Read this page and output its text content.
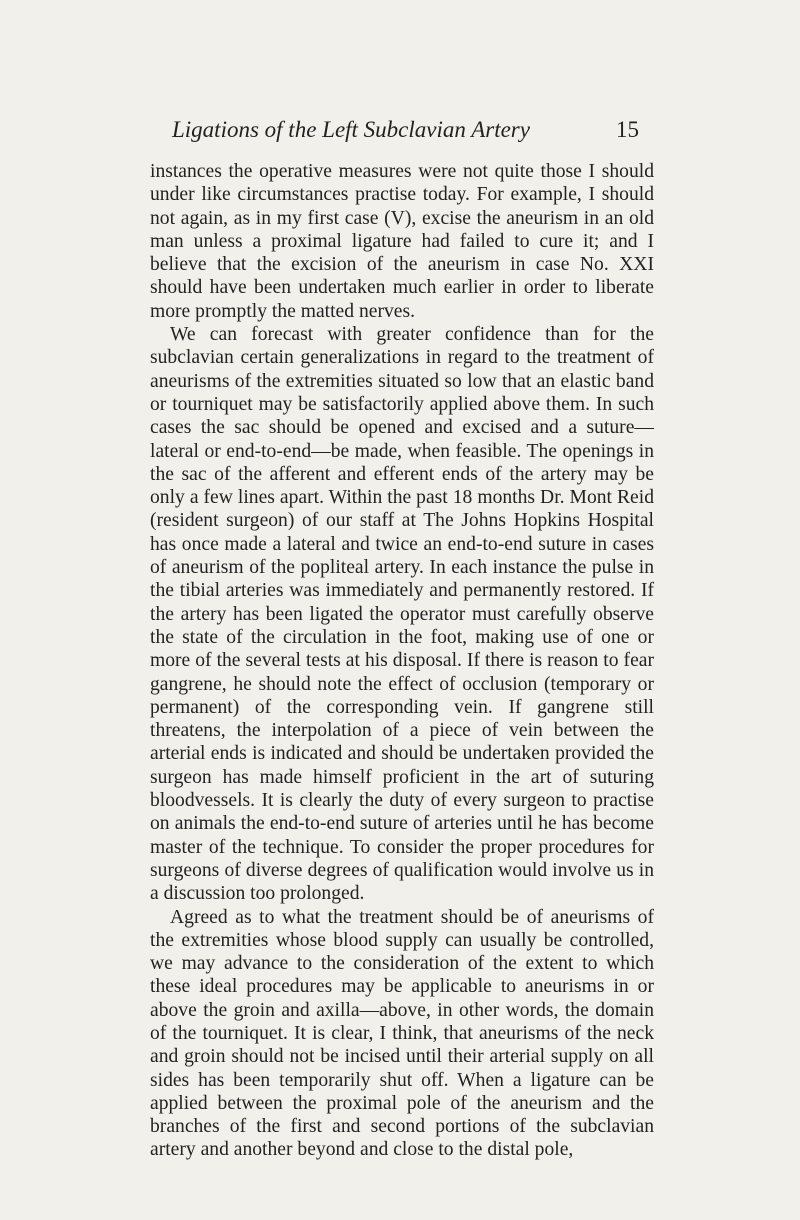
Ligations of the Left Subclavian Artery	15

instances the operative measures were not quite those I should under like circumstances practise today. For example, I should not again, as in my first case (V), excise the aneurism in an old man unless a proximal ligature had failed to cure it; and I believe that the excision of the aneurism in case No. XXI should have been undertaken much earlier in order to liberate more promptly the matted nerves.

We can forecast with greater confidence than for the subclavian certain generalizations in regard to the treatment of aneurisms of the extremities situated so low that an elastic band or tourniquet may be satisfactorily applied above them. In such cases the sac should be opened and excised and a suture—lateral or end-to-end—be made, when feasible. The openings in the sac of the afferent and efferent ends of the artery may be only a few lines apart. Within the past 18 months Dr. Mont Reid (resident surgeon) of our staff at The Johns Hopkins Hospital has once made a lateral and twice an end-to-end suture in cases of aneurism of the popliteal artery. In each instance the pulse in the tibial arteries was immediately and permanently restored. If the artery has been ligated the operator must carefully observe the state of the circulation in the foot, making use of one or more of the several tests at his disposal. If there is reason to fear gangrene, he should note the effect of occlusion (temporary or permanent) of the corresponding vein. If gangrene still threatens, the interpolation of a piece of vein between the arterial ends is indicated and should be undertaken provided the surgeon has made himself proficient in the art of suturing bloodvessels. It is clearly the duty of every surgeon to practise on animals the end-to-end suture of arteries until he has become master of the technique. To consider the proper procedures for surgeons of diverse degrees of qualification would involve us in a discussion too prolonged.

Agreed as to what the treatment should be of aneurisms of the extremities whose blood supply can usually be controlled, we may advance to the consideration of the extent to which these ideal procedures may be applicable to aneurisms in or above the groin and axilla—above, in other words, the domain of the tourniquet. It is clear, I think, that aneurisms of the neck and groin should not be incised until their arterial supply on all sides has been temporarily shut off. When a ligature can be applied between the proximal pole of the aneurism and the branches of the first and second portions of the subclavian artery and another beyond and close to the distal pole,
